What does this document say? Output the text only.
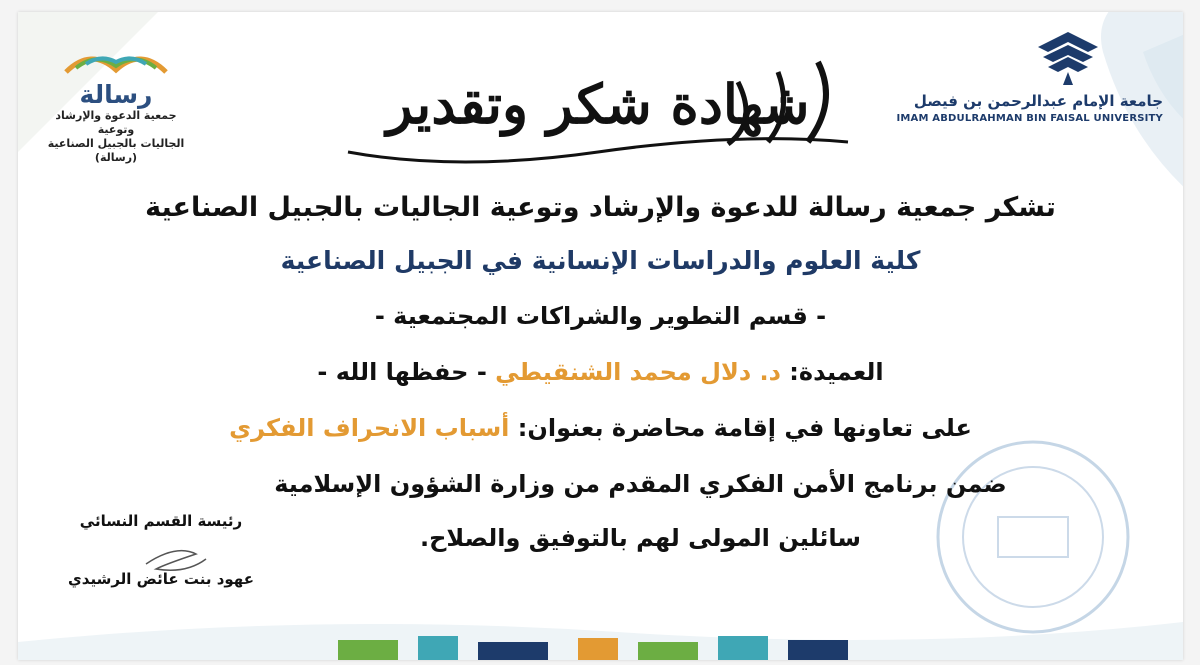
جامعة الإمام عبدالرحمن بن فيصل
IMAM ABDULRAHMAN BIN FAISAL UNIVERSITY
رسالة
جمعية الدعوة والإرشاد وتوعية
الجاليات بالجبيل الصناعية (رسالة)
شهادة شكر وتقدير
تشكر جمعية رسالة للدعوة والإرشاد وتوعية الجاليات بالجبيل الصناعية
كلية العلوم والدراسات الإنسانية في الجبيل الصناعية
- قسم التطوير والشراكات المجتمعية -
العميدة: د. دلال محمد الشنقيطي - حفظها الله -
على تعاونها في إقامة محاضرة بعنوان: أسباب الانحراف الفكري
ضمن برنامج الأمن الفكري المقدم من وزارة الشؤون الإسلامية
سائلين المولى لهم بالتوفيق والصلاح.
رئيسة القسم النسائي
عهود بنت عائض الرشيدي
